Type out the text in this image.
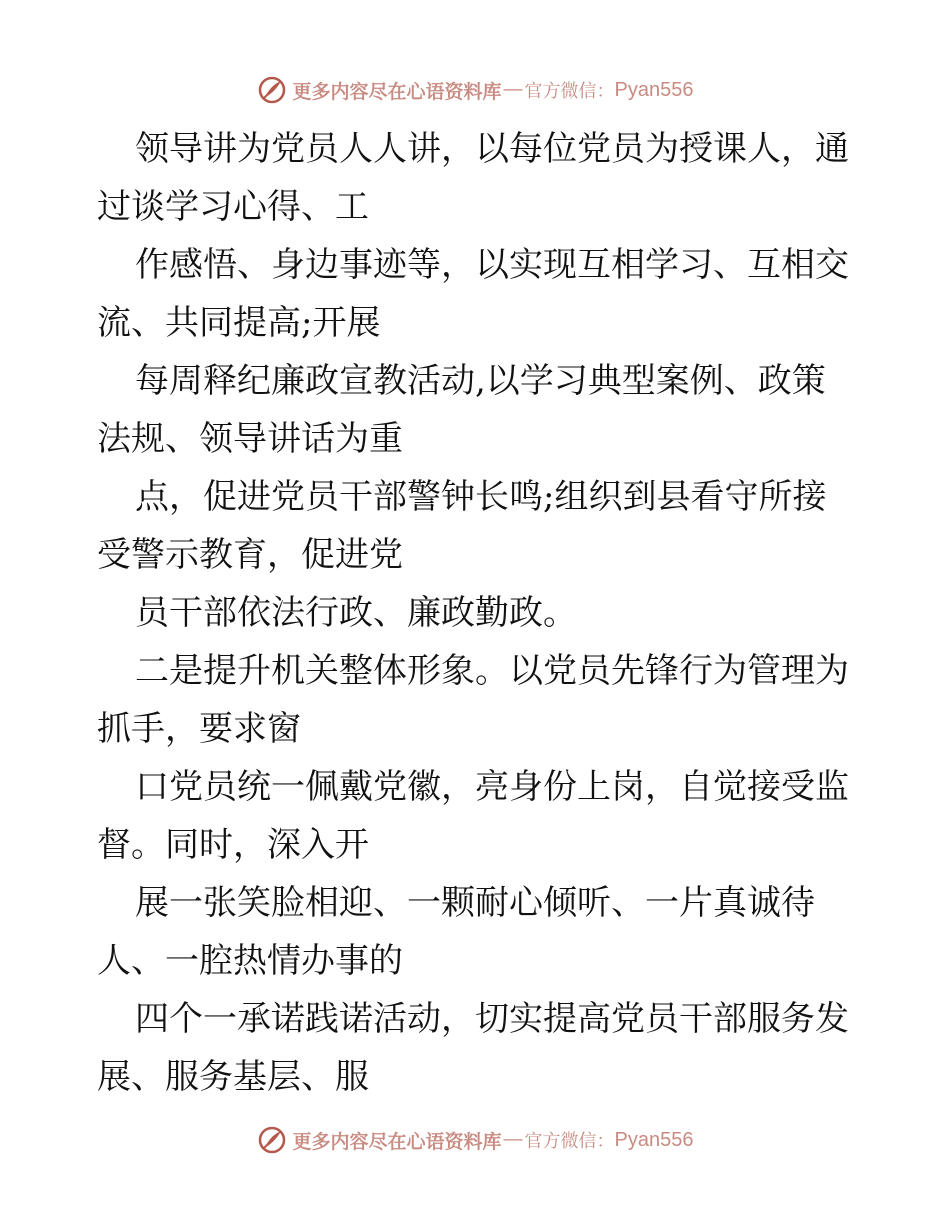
更多内容尽在心语资料库 — 官方微信： Pyan556
领导讲为党员人人讲，以每位党员为授课人，通
过谈学习心得、工
作感悟、身边事迹等，以实现互相学习、互相交
流、共同提高;开展
每周释纪廉政宣教活动,以学习典型案例、政策
法规、领导讲话为重
点，促进党员干部警钟长鸣;组织到县看守所接
受警示教育，促进党
员干部依法行政、廉政勤政。
二是提升机关整体形象。以党员先锋行为管理为
抓手，要求窗
口党员统一佩戴党徽，亮身份上岗，自觉接受监
督。同时，深入开
展一张笑脸相迎、一颗耐心倾听、一片真诚待
人、一腔热情办事的
四个一承诺践诺活动，切实提高党员干部服务发
展、服务基层、服
更多内容尽在心语资料库 — 官方微信： Pyan556
